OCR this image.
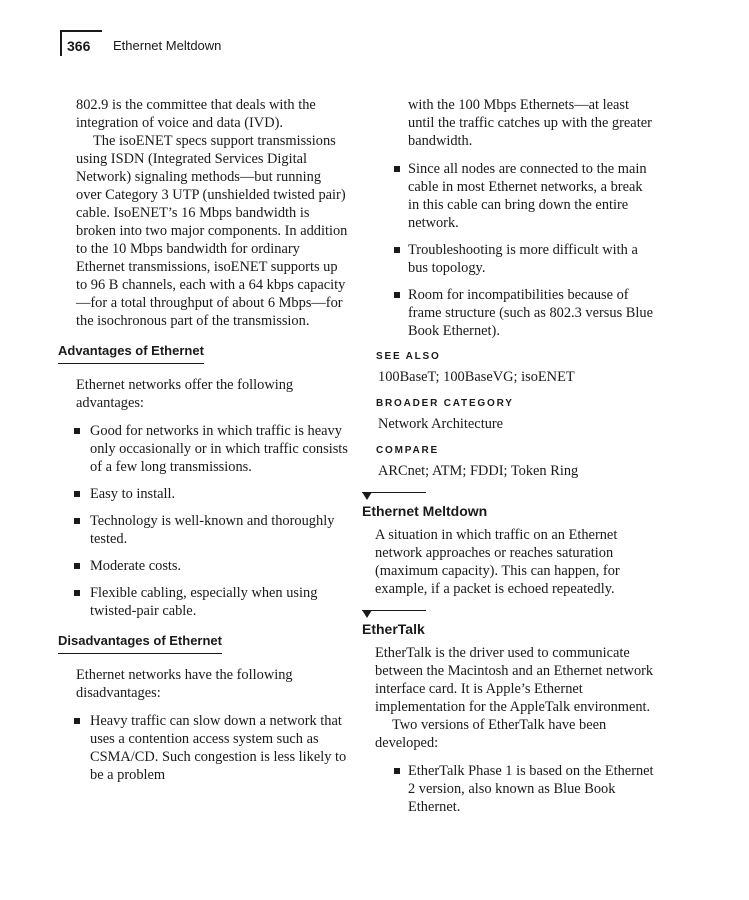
366 Ethernet Meltdown

802.9 is the committee that deals with the integration of voice and data (IVD).

The isoENET specs support transmissions using ISDN (Integrated Services Digital Network) signaling methods—but running over Category 3 UTP (unshielded twisted pair) cable. IsoENET’s 16 Mbps bandwidth is broken into two major components. In addition to the 10 Mbps bandwidth for ordinary Ethernet transmissions, isoENET supports up to 96 B channels, each with a 64 kbps capacity—for a total throughput of about 6 Mbps—for the isochronous part of the transmission.

Advantages of Ethernet

Ethernet networks offer the following advantages:

Good for networks in which traffic is heavy only occasionally or in which traffic consists of a few long transmissions.
Easy to install.
Technology is well-known and thoroughly tested.
Moderate costs.
Flexible cabling, especially when using twisted-pair cable.
Disadvantages of Ethernet

Ethernet networks have the following disadvantages:

Heavy traffic can slow down a network that uses a contention access system such as CSMA/CD. Such congestion is less likely to be a problem

with the 100 Mbps Ethernets—at least until the traffic catches up with the greater bandwidth.

Since all nodes are connected to the main cable in most Ethernet networks, a break in this cable can bring down the entire network.
Troubleshooting is more difficult with a bus topology.
Room for incompatibilities because of frame structure (such as 802.3 versus Blue Book Ethernet).
SEE ALSO

100BaseT; 100BaseVG; isoENET

BROADER CATEGORY

Network Architecture

COMPARE

ARCnet; ATM; FDDI; Token Ring

Ethernet Meltdown

A situation in which traffic on an Ethernet network approaches or reaches saturation (maximum capacity). This can happen, for example, if a packet is echoed repeatedly.

EtherTalk

EtherTalk is the driver used to communicate between the Macintosh and an Ethernet network interface card. It is Apple’s Ethernet implementation for the AppleTalk environment.

Two versions of EtherTalk have been developed:

EtherTalk Phase 1 is based on the Ethernet 2 version, also known as Blue Book Ethernet.
